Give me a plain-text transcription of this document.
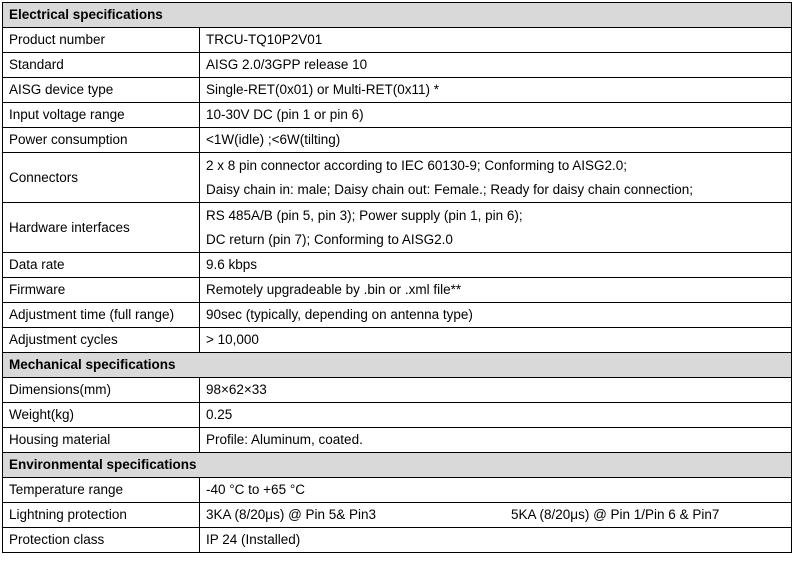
Electrical specifications	
Product number	TRCU-TQ10P2V01
Standard	AISG 2.0/3GPP release 10
AISG device type	Single-RET(0x01) or Multi-RET(0x11) *
Input voltage range	10-30V DC (pin 1 or pin 6)
Power consumption	<1W(idle) ;<6W(tilting)
Connectors	2 x 8 pin connector according to IEC 60130-9; Conforming to AISG2.0;
Daisy chain in: male; Daisy chain out: Female.; Ready for daisy chain connection;

Hardware interfaces	RS 485A/B (pin 5, pin 3); Power supply (pin 1, pin 6);
DC return (pin 7); Conforming to AISG2.0

Data rate	9.6 kbps
Firmware	Remotely upgradeable by .bin or .xml file**
Adjustment time (full range)	90sec (typically, depending on antenna type)
Adjustment cycles	> 10,000
Mechanical specifications	
Dimensions(mm)	98×62×33
Weight(kg)	0.25
Housing material	Profile: Aluminum, coated.
Environmental specifications	
Temperature range	-40 °C to +65 °C
Lightning protection	3KA (8/20μs) @ Pin 5& Pin3 5KA (8/20μs) @ Pin 1/Pin 6 & Pin7

Protection class	IP 24 (Installed)
